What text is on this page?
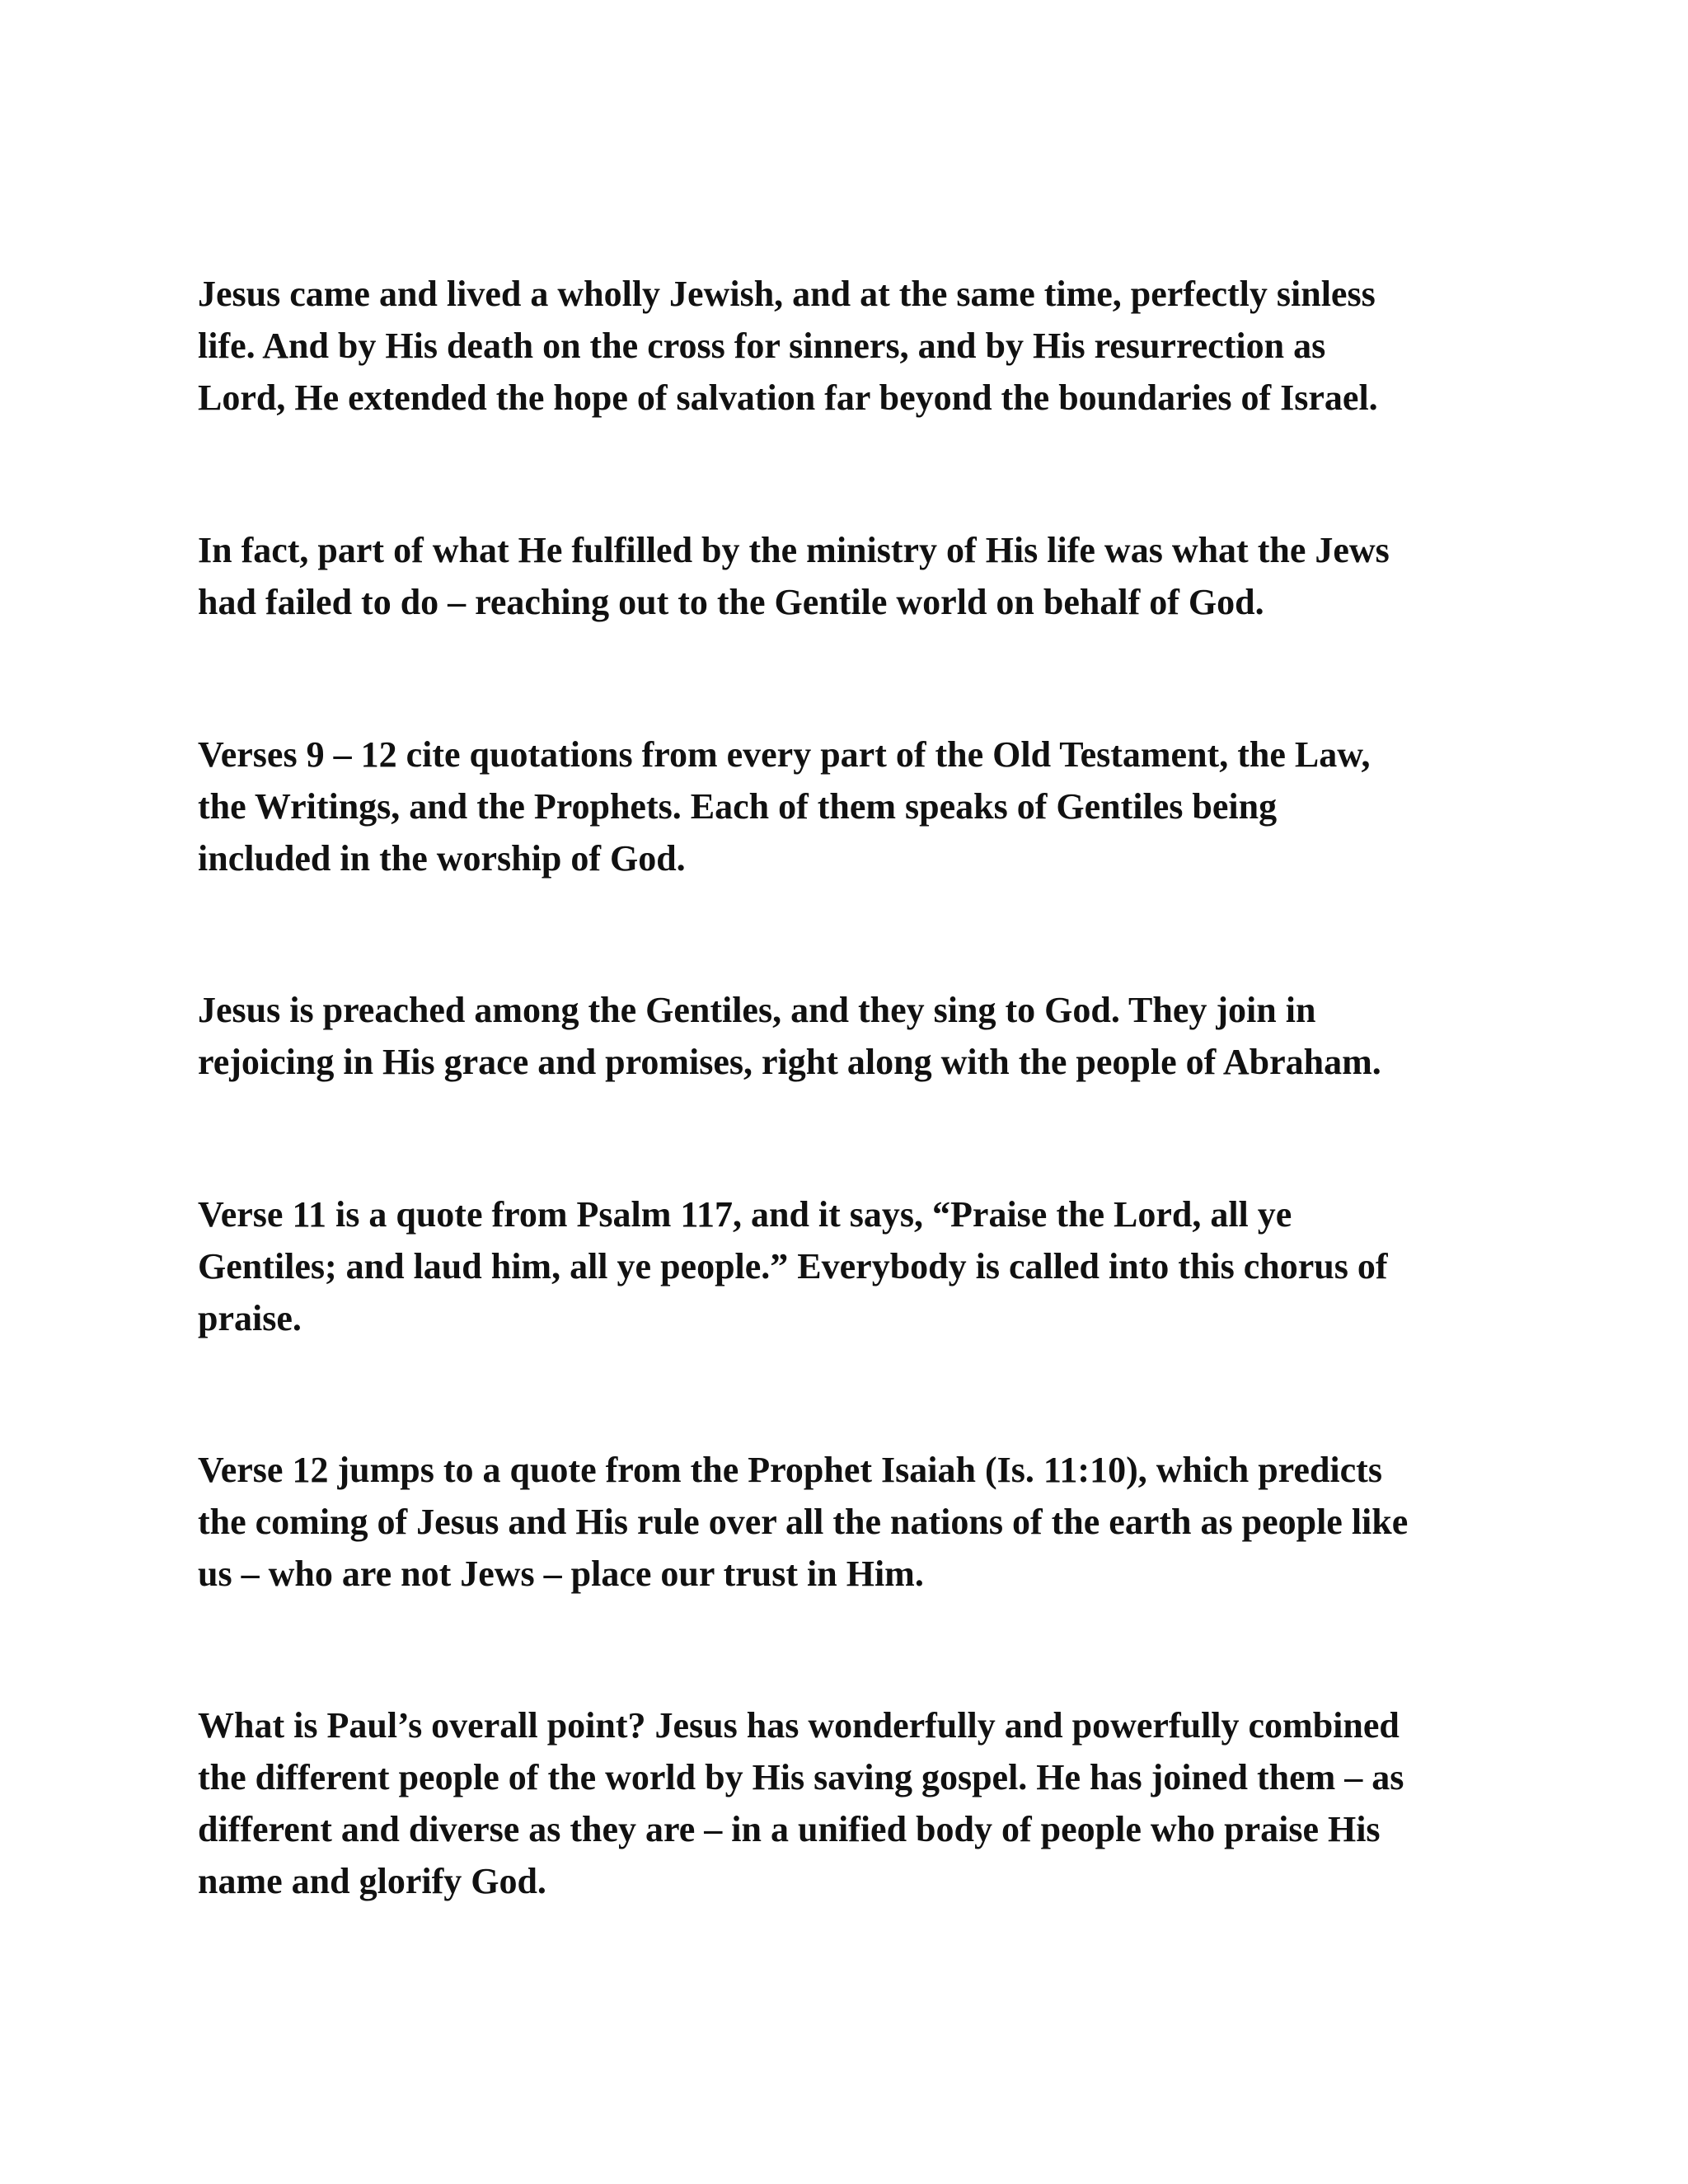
Jesus came and lived a wholly Jewish, and at the same time, perfectly sinless
life. And by His death on the cross for sinners, and by His resurrection as
Lord, He extended the hope of salvation far beyond the boundaries of Israel.

In fact, part of what He fulfilled by the ministry of His life was what the Jews
had failed to do – reaching out to the Gentile world on behalf of God.

Verses 9 – 12 cite quotations from every part of the Old Testament, the Law,
the Writings, and the Prophets. Each of them speaks of Gentiles being
included in the worship of God.

Jesus is preached among the Gentiles, and they sing to God. They join in
rejoicing in His grace and promises, right along with the people of Abraham.

Verse 11 is a quote from Psalm 117, and it says, “Praise the Lord, all ye
Gentiles; and laud him, all ye people.” Everybody is called into this chorus of
praise.

Verse 12 jumps to a quote from the Prophet Isaiah (Is. 11:10), which predicts
the coming of Jesus and His rule over all the nations of the earth as people like
us – who are not Jews – place our trust in Him.

What is Paul’s overall point? Jesus has wonderfully and powerfully combined
the different people of the world by His saving gospel. He has joined them – as
different and diverse as they are – in a unified body of people who praise His
name and glorify God.
